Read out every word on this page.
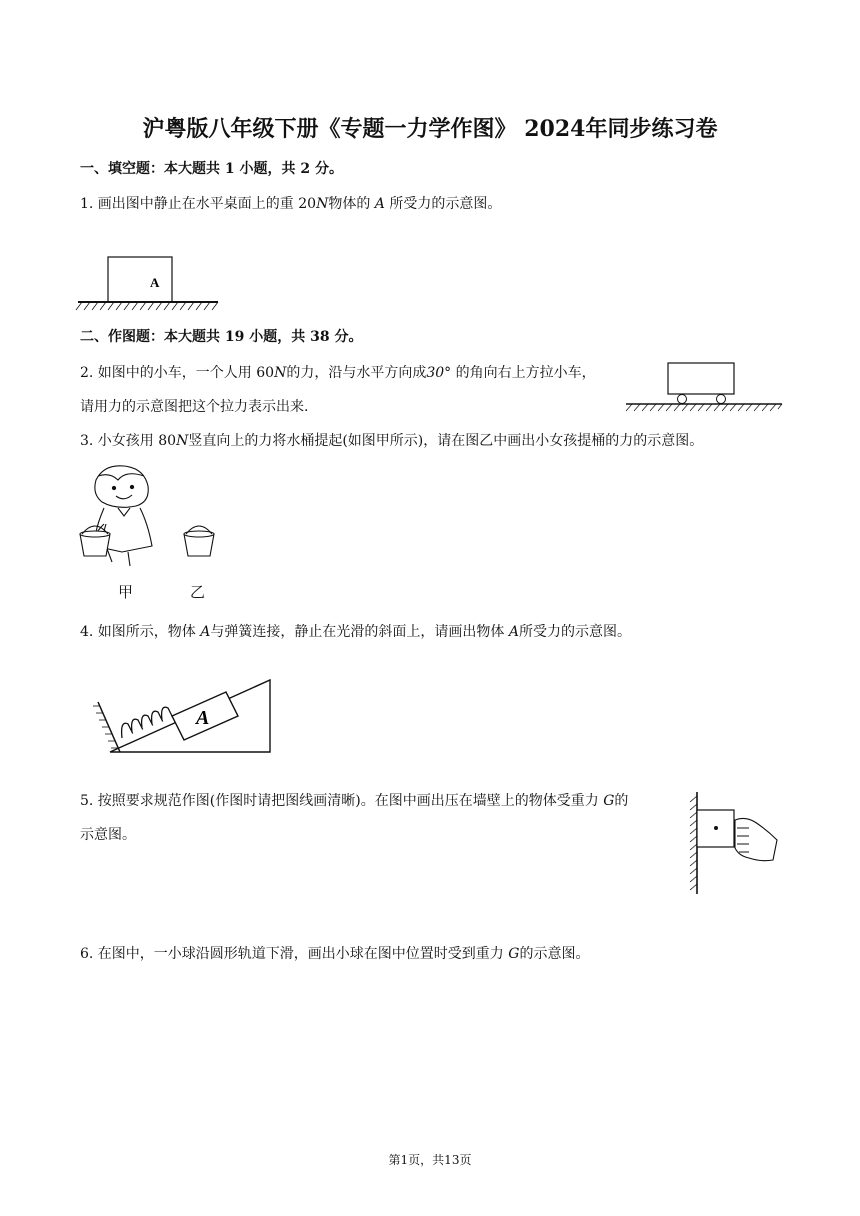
沪粤版八年级下册《专题一力学作图》 2024年同步练习卷
一、填空题：本大题共 1 小题，共 2 分。
1. 画出图中静止在水平桌面上的重 20N物体的 A 所受力的示意图。
A
二、作图题：本大题共 19 小题，共 38 分。
2. 如图中的小车，一个人用 60N的力，沿与水平方向成30° 的角向右上方拉小车，
请用力的示意图把这个拉力表示出来.
3. 小女孩用 80N竖直向上的力将水桶提起(如图甲所示)，请在图乙中画出小女孩提桶的力的示意图。
甲	乙
4. 如图所示，物体 A与弹簧连接，静止在光滑的斜面上，请画出物体 A所受力的示意图。
A
5. 按照要求规范作图(作图时请把图线画清晰)。在图中画出压在墙壁上的物体受重力 G的
示意图。
6. 在图中，一小球沿圆形轨道下滑，画出小球在图中位置时受到重力 G的示意图。
第1页，共13页
